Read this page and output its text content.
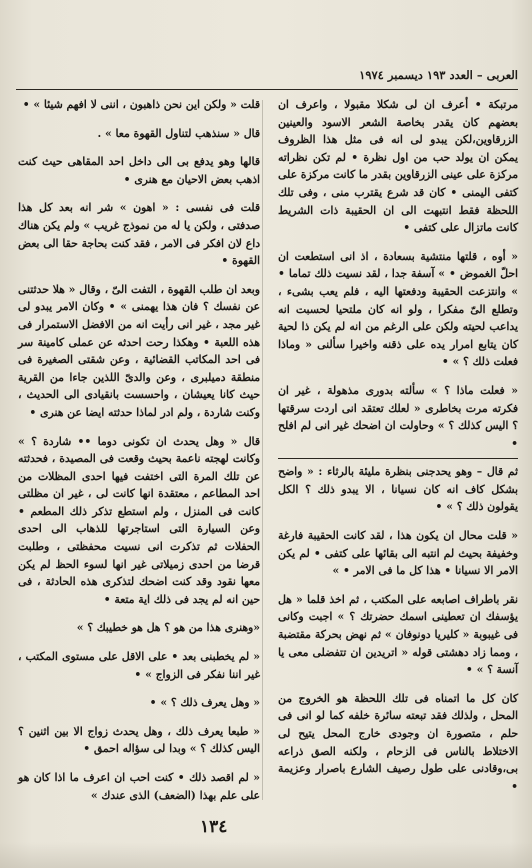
العربى – العدد ١٩٣ ديسمبر ١٩٧٤

مرتبكة • أعرف ان لى شكلا مقبولا ، واعرف ان بعضهم كان يقدر بخاصة الشعر الاسود والعينين الزرقاوين،لكن يبدو لى انه فى مثل هذا الظروف يمكن ان يولد حب من اول نظرة • لم تكن نظراته مركزة على عينى الزرقاوين بقدر ما كانت مركزة على كتفى اليمنى • كان قد شرع يقترب منى ، وفى تلك اللحظة فقط انتبهت الى ان الحقيبة ذات الشريط كانت ماتزال على كتفى •

« أوه ، قلتها منتشية بسعادة ، اذ انى استطعت ان احلّ الغموض • » آسفة جدا ، لقد نسيت ذلك تماما • » وانتزعت الحقيبة ودفعتها اليه ، فلم يعب بشىء ، وتطلع الىّ مفكرا ، ولو انه كان ملتحيا لحسبت انه يداعب لحيته ولكن على الرغم من انه لم يكن ذا لحية كان يتابع امرار يده على ذقنه واخيرا سألنى « وماذا فعلت ذلك ؟ » •

« فعلت ماذا ؟ » سألته بدورى مذهولة ، غير ان فكرته مرت بخاطرى « لعلك تعتقد انى اردت سرقتها ؟ اليس كذلك ؟ » وحاولت ان اضحك غير انى لم افلح •

ثم قال – وهو يحدجنى بنظرة مليئة بالرثاء : « واضح بشكل كاف انه كان نسيانا ، الا يبدو ذلك ؟ الكل يقولون ذلك ؟ » •

« قلت محال ان يكون هذا ، لقد كانت الحقيبة فارغة وخفيفة بحيث لم انتبه الى بقائها على كتفى • لم يكن الامر الا نسيانا • هذا كل ما فى الامر • »

نقر باطراف اصابعه على المكتب ، ثم اخذ قلما « هل يؤسفك ان تعطينى اسمك حضرتك ؟ » اجبت وكانى فى غيبوبة « كليريا دونوفان » ثم نهض بحركة مقتضبة ، ومما زاد دهشتى قوله « اتريدين ان تتفضلى معى يا آنسة ؟ » •

كان كل ما اتمناه فى تلك اللحظة هو الخروج من المحل ، ولذلك فقد تبعته سائرة خلفه كما لو انى فى حلم ، متصورة ان وجودى خارج المحل يتيح لى الاختلاط بالناس فى الزحام ، ولكنه الصق ذراعه بى،وقادنى على طول رصيف الشارع باصرار وعزيمة •

قلت « ولكن اين نحن ذاهبون ، اننى لا افهم شيئا » •

قال « سنذهب لتناول القهوة معا » .

قالها وهو يدفع بى الى داخل احد المقاهى حيث كنت اذهب بعض الاحيان مع هنرى •

قلت فى نفسى : « اهون » شر انه بعد كل هذا صدفتى ، ولكن يا له من نموذج غريب » ولم يكن هناك داع لان افكر فى الامر ، فقد كنت بحاجة حقا الى بعض القهوة •

وبعد ان طلب القهوة ، التفت الىّ ، وقال « هلا حدثتنى عن نفسك ؟ فان هذا يهمنى » • وكان الامر يبدو لى غير مجد ، غير انى رأيت انه من الافضل الاستمرار فى هذه اللعبة • وهكذا رحت احدثه عن عملى كامينة سر فى احد المكاتب القضائية ، وعن شقتى الصغيرة فى منطقة دميلبرى ، وعن والدىّ اللذين جاءا من القرية حيث كانا يعيشان ، واحسست بانقيادى الى الحديث ، وكنت شاردة ، ولم ادر لماذا حدثته ايضا عن هنرى •

قال « وهل يحدث ان تكونى دوما •• شاردة ؟ » وكانت لهجته ناعمة بحيث وقعت فى المصيدة ، فحدثته عن تلك المرة التى اختفت فيها احدى المظلات من احد المطاعم ، معتقدة انها كانت لى ، غير ان مظلتى كانت فى المنزل ، ولم استطع تذكر ذلك المطعم • وعن السيارة التى استاجرتها للذهاب الى احدى الحفلات ثم تذكرت انى نسيت محفظتى ، وطلبت قرضا من احدى زميلاتى غير انها لسوء الحظ لم يكن معها نقود وقد كنت اضحك لتذكرى هذه الحادثة ، فى حين انه لم يجد فى ذلك اية متعة •

«وهنرى هذا من هو ؟ هل هو خطيبك ؟ »

« لم يخطبنى بعد • على الاقل على مستوى المكتب ، غير اننا نفكر فى الزواج » •

« وهل يعرف ذلك ؟ » •

« طبعا يعرف ذلك ، وهل يحدث زواج الا بين اثنين ؟ اليس كذلك ؟ » وبدا لى سؤاله احمق •

« لم اقصد ذلك • كنت احب ان اعرف ما اذا كان هو على علم بهذا (الضعف) الذى عندك »

١٣٤
